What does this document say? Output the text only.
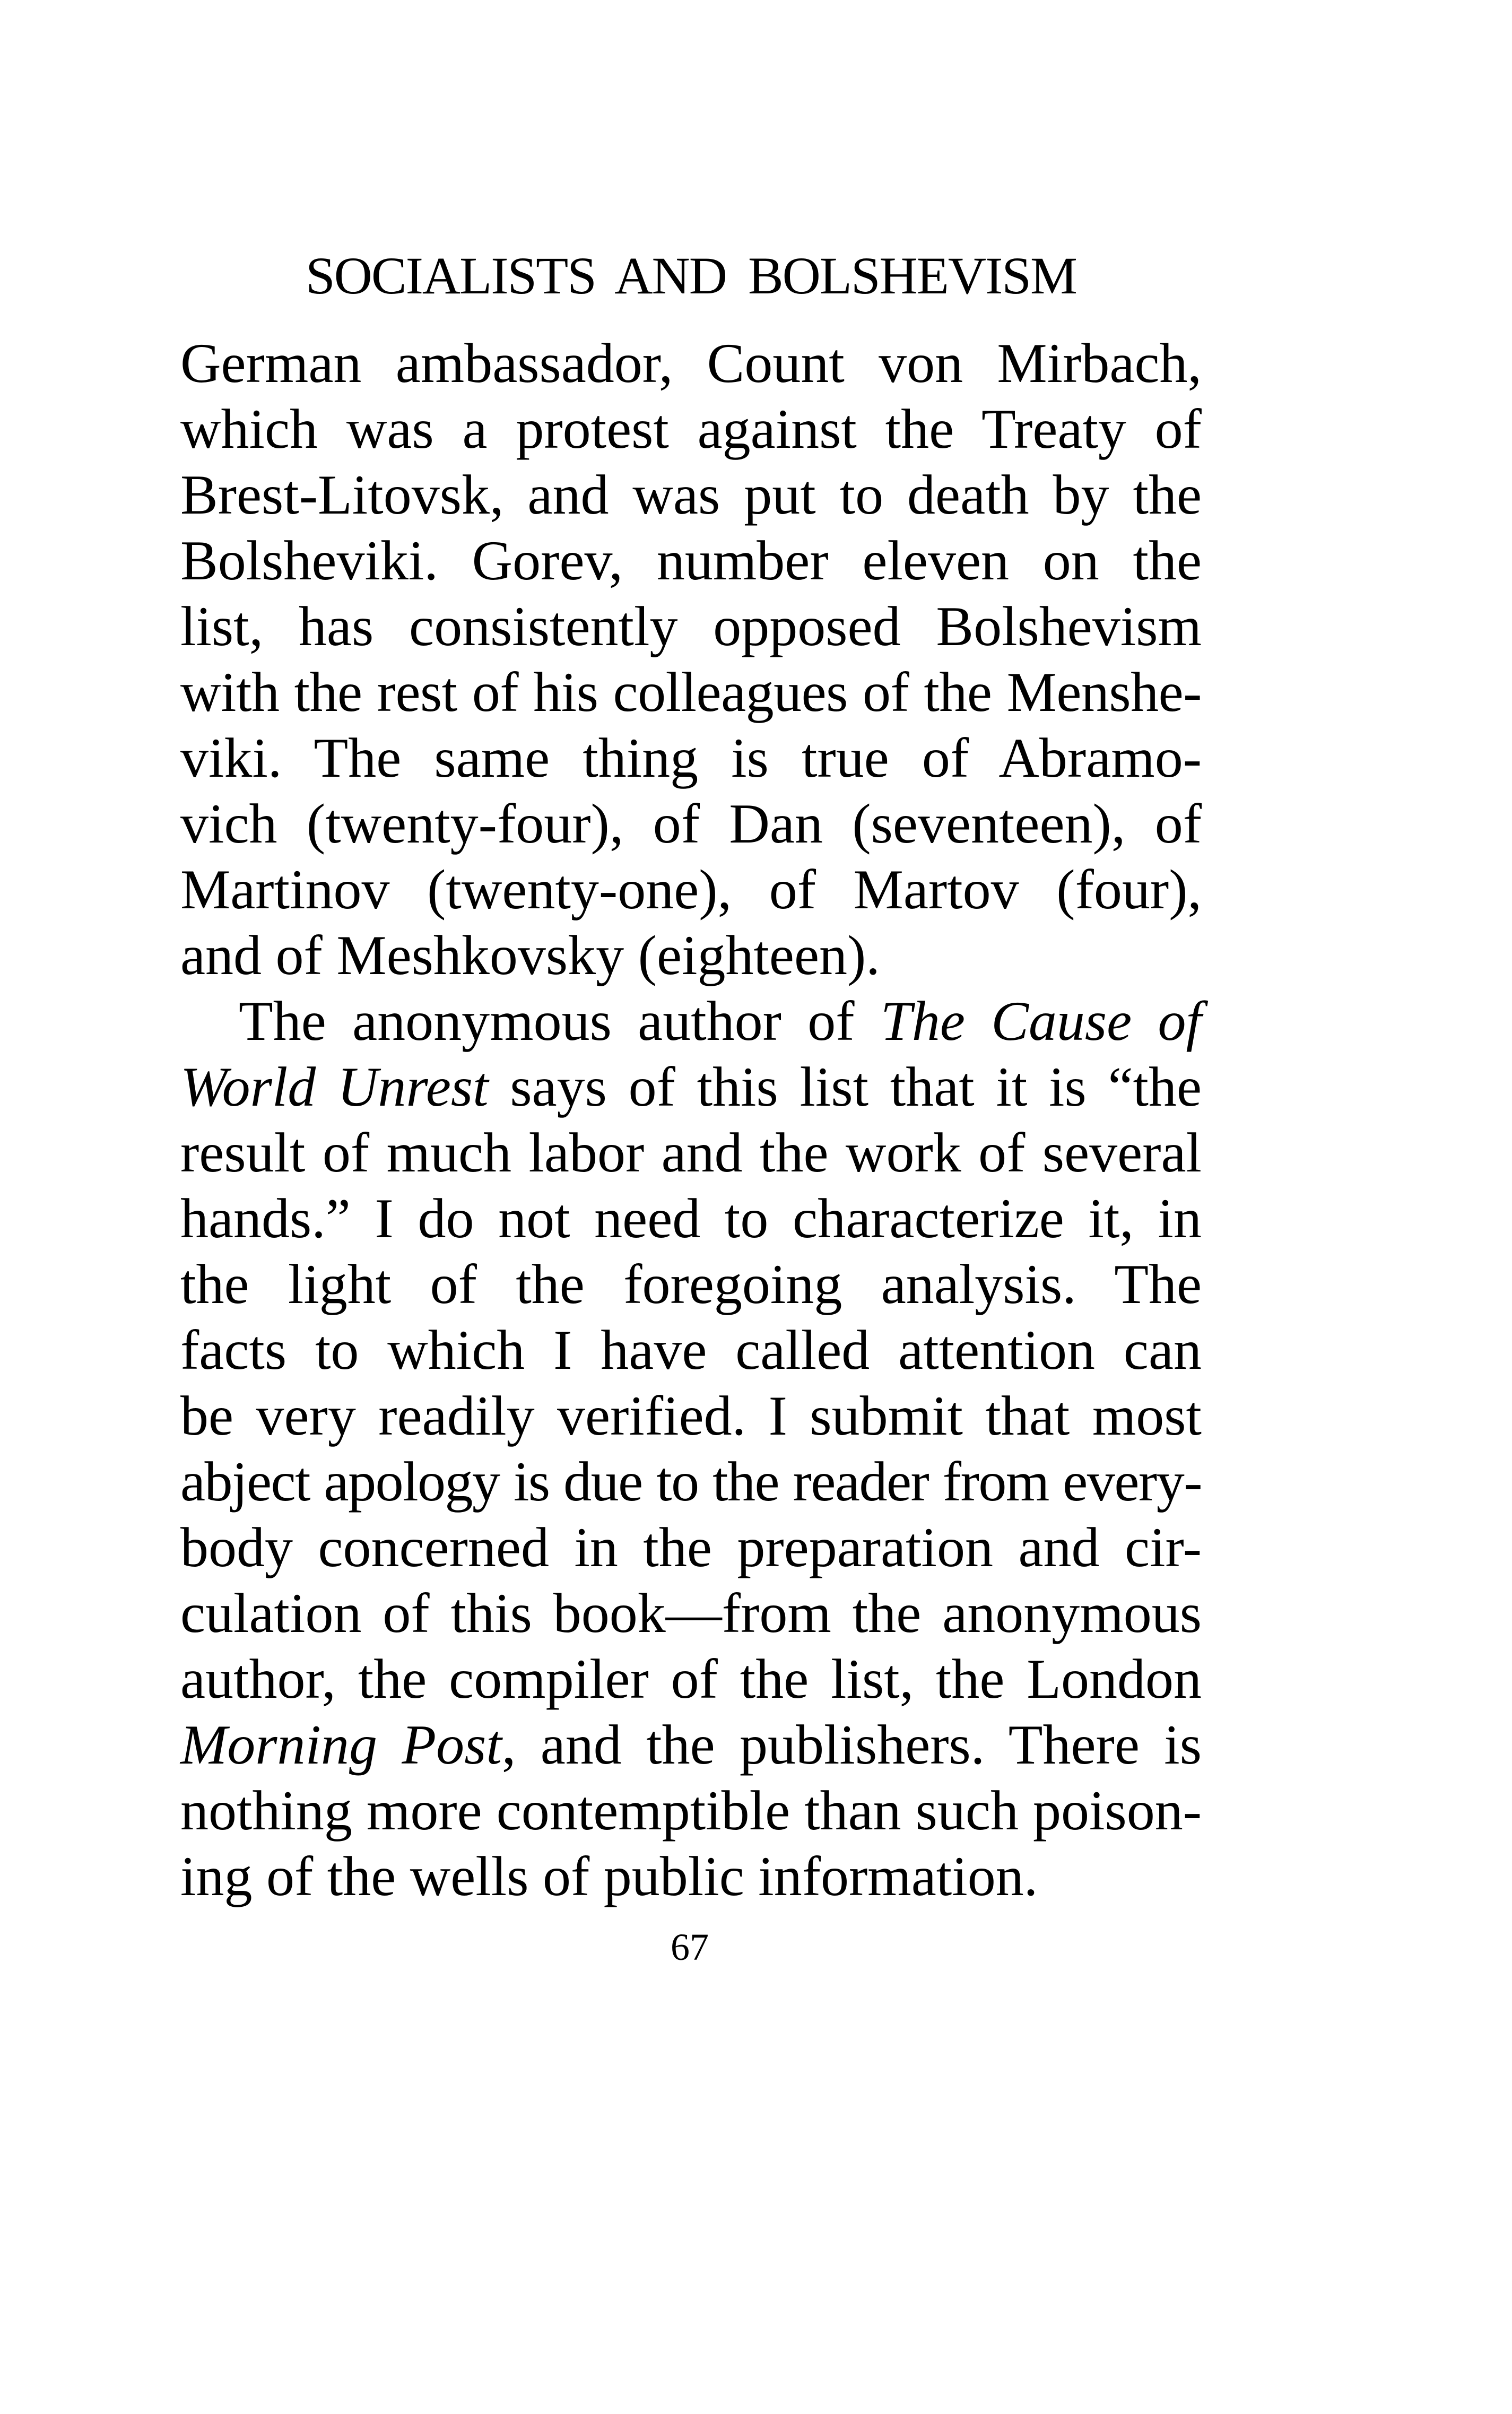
SOCIALISTS AND BOLSHEVISM
German ambassador, Count von Mirbach,
which was a protest against the Treaty of
Brest-Litovsk, and was put to death by the
Bolsheviki. Gorev, number eleven on the
list, has consistently opposed Bolshevism
with the rest of his colleagues of the Menshe-
viki. The same thing is true of Abramo-
vich (twenty-four), of Dan (seventeen), of
Martinov (twenty-one), of Martov (four),
and of Meshkovsky (eighteen).
The anonymous author of The Cause of
World Unrest says of this list that it is “the
result of much labor and the work of several
hands.” I do not need to characterize it, in
the light of the foregoing analysis. The
facts to which I have called attention can
be very readily verified. I submit that most
abject apology is due to the reader from every-
body concerned in the preparation and cir-
culation of this book—from the anonymous
author, the compiler of the list, the London
Morning Post, and the publishers. There is
nothing more contemptible than such poison-
ing of the wells of public information.
67
